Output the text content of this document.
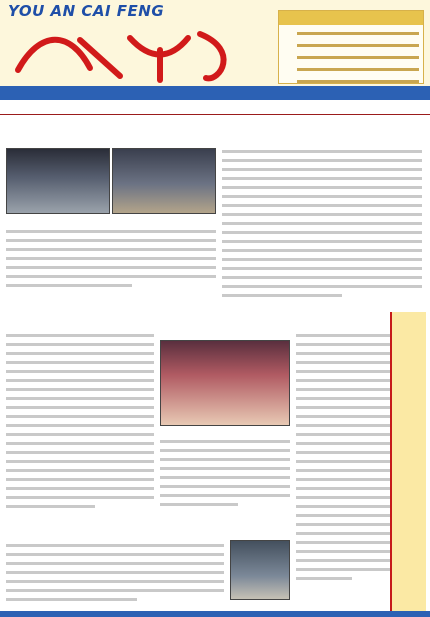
YOU AN CAI FENG
